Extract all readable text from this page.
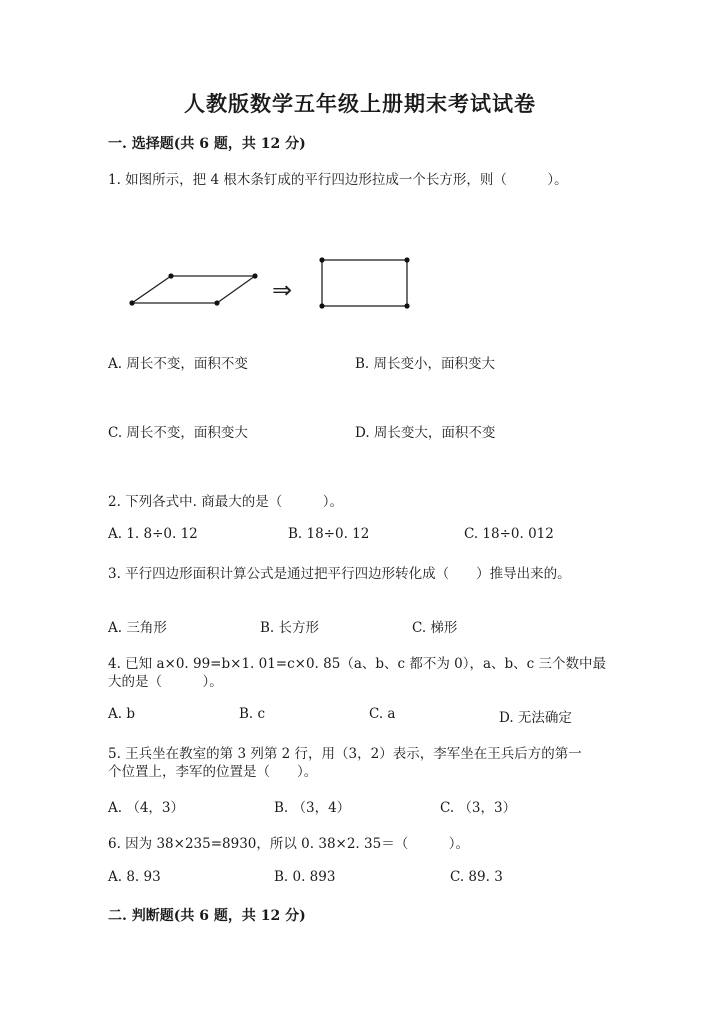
人教版数学五年级上册期末考试试卷
一. 选择题(共 6 题，共 12 分)
1. 如图所示，把 4 根木条钉成的平行四边形拉成一个长方形，则（　　　）。
⇒
A. 周长不变，面积不变	B. 周长变小，面积变大
C. 周长不变，面积变大	D. 周长变大，面积不变
2. 下列各式中. 商最大的是（　　　）。
A. 1. 8÷0. 12	B. 18÷0. 12	C. 18÷0. 012
3. 平行四边形面积计算公式是通过把平行四边形转化成（　　）推导出来的。
A. 三角形	B. 长方形	C. 梯形
4. 已知 a×0. 99=b×1. 01=c×0. 85（a、b、c 都不为 0），a、b、c 三个数中最
大的是（　　　）。
A. b	B. c	C. a	D. 无法确定
5. 王兵坐在教室的第 3 列第 2 行，用（3，2）表示，李军坐在王兵后方的第一
个位置上，李军的位置是（　　）。
A. （4，3）	B. （3，4）	C. （3，3）
6. 因为 38×235=8930，所以 0. 38×2. 35＝（　　　）。
A. 8. 93	B. 0. 893	C. 89. 3
二. 判断题(共 6 题，共 12 分)
